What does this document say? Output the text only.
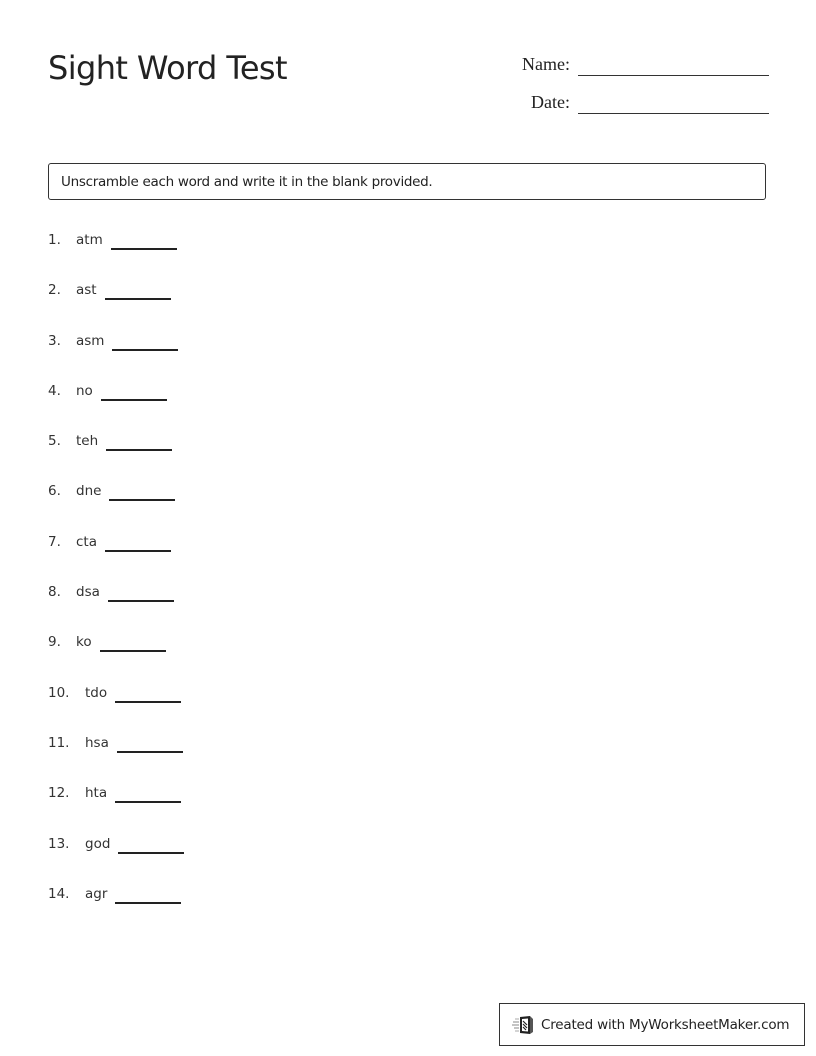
Sight Word Test	Name:
Date:
Unscramble each word and write it in the blank provided.
1.	atm
2.	ast
3.	asm
4.	no
5.	teh
6.	dne
7.	cta
8.	dsa
9.	ko
10.	tdo
11.	hsa
12.	hta
13.	god
14.	agr
Created with MyWorksheetMaker.com
